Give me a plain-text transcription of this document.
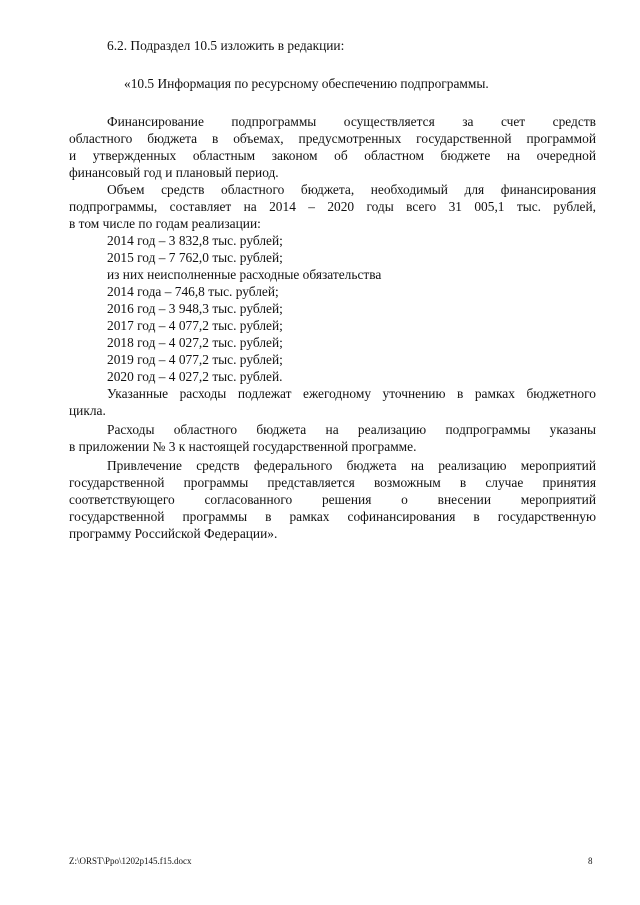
6.2. Подраздел 10.5 изложить в редакции:
«10.5 Информация по ресурсному обеспечению подпрограммы.
Финансирование подпрограммы осуществляется за счет средств
областного бюджета в объемах, предусмотренных государственной программой
и утвержденных областным законом об областном бюджете на очередной
финансовый год и плановый период.
Объем средств областного бюджета, необходимый для финансирования
подпрограммы, составляет на 2014 – 2020 годы всего 31 005,1 тыс. рублей,
в том числе по годам реализации:
2014 год – 3 832,8 тыс. рублей;
2015 год – 7 762,0 тыс. рублей;
из них неисполненные расходные обязательства
2014 года – 746,8 тыс. рублей;
2016 год – 3 948,3 тыс. рублей;
2017 год – 4 077,2 тыс. рублей;
2018 год – 4 027,2 тыс. рублей;
2019 год – 4 077,2 тыс. рублей;
2020 год – 4 027,2 тыс. рублей.
Указанные расходы подлежат ежегодному уточнению в рамках бюджетного
цикла.
Расходы областного бюджета на реализацию подпрограммы указаны
в приложении № 3 к настоящей государственной программе.
Привлечение средств федерального бюджета на реализацию мероприятий
государственной программы представляется возможным в случае принятия
соответствующего согласованного решения о внесении мероприятий
государственной программы в рамках софинансирования в государственную
программу Российской Федерации».
Z:\ORST\Ppo\1202p145.f15.docx	8
